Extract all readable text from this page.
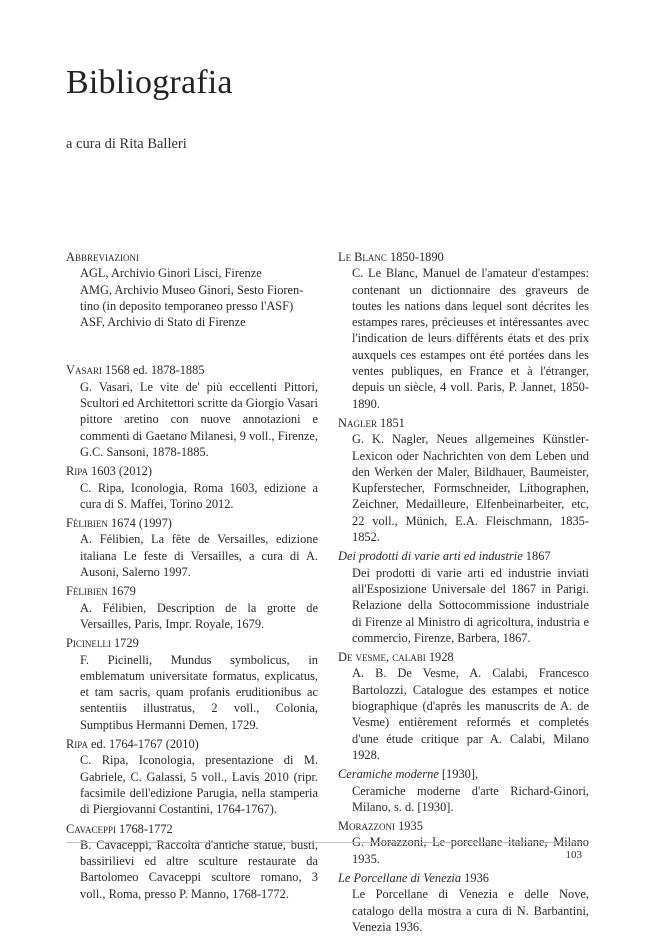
Bibliografia
a cura di Rita Balleri
Abbreviazioni
AGL, Archivio Ginori Lisci, Firenze
AMG, Archivio Museo Ginori, Sesto Fioren-
tino (in deposito temporaneo presso l'ASF)
ASF, Archivio di Stato di Firenze
Vasari 1568 ed. 1878-1885
G. Vasari, Le vite de' più eccellenti Pittori, Scultori ed Architettori scritte da Giorgio Vasari pittore aretino con nuove annotazioni e commenti di Gaetano Milanesi, 9 voll., Firenze, G.C. Sansoni, 1878-1885.
Ripa 1603 (2012)
C. Ripa, Iconologia, Roma 1603, edizione a cura di S. Maffei, Torino 2012.
Félibien 1674 (1997)
A. Félibien, La fête de Versailles, edizione italiana Le feste di Versailles, a cura di A. Ausoni, Salerno 1997.
Félibien 1679
A. Félibien, Description de la grotte de Versailles, Paris, Impr. Royale, 1679.
Picinelli 1729
F. Picinelli, Mundus symbolicus, in emblematum universitate formatus, explicatus, et tam sacris, quam profanis eruditionibus ac sententiis illustratus, 2 voll., Colonia, Sumptibus Hermanni Demen, 1729.
Ripa ed. 1764-1767 (2010)
C. Ripa, Iconologia, presentazione di M. Gabriele, C. Galassi, 5 voll., Lavis 2010 (ripr. facsimile dell'edizione Parugia, nella stamperia di Piergiovanni Costantini, 1764-1767).
Cavaceppi 1768-1772
B. Cavaceppi, Raccolta d'antiche statue, busti, bassirilievi ed altre sculture restaurate da Bartolomeo Cavaceppi scultore romano, 3 voll., Roma, presso P. Manno, 1768-1772.
Le Blanc 1850-1890
C. Le Blanc, Manuel de l'amateur d'estampes: contenant un dictionnaire des graveurs de toutes les nations dans lequel sont décrites les estampes rares, précieuses et intéressantes avec l'indication de leurs différents états et des prix auxquels ces estampes ont été portées dans les ventes publiques, en France et à l'étranger, depuis un siècle, 4 voll. Paris, P. Jannet, 1850-1890.
Nagler 1851
G. K. Nagler, Neues allgemeines Künstler-Lexicon oder Nachrichten von dem Leben und den Werken der Maler, Bildhauer, Baumeister, Kupferstecher, Formschneider, Lithographen, Zeichner, Medailleure, Elfenbeinarbeiter, etc, 22 voll., Münich, E.A. Fleischmann, 1835-1852.
Dei prodotti di varie arti ed industrie 1867
Dei prodotti di varie arti ed industrie inviati all'Esposizione Universale del 1867 in Parigi. Relazione della Sottocommissione industriale di Firenze al Ministro di agricoltura, industria e commercio, Firenze, Barbera, 1867.
De vesme, calabi 1928
A. B. De Vesme, A. Calabi, Francesco Bartolozzi, Catalogue des estampes et notice biographique (d'après les manuscrits de A. de Vesme) entièrement reformés et completés d'une étude critique par A. Calabi, Milano 1928.
Ceramiche moderne [1930],
Ceramiche moderne d'arte Richard-Ginori, Milano, s. d. [1930].
Morazzoni 1935
G. Morazzoni, Le porcellane italiane, Milano 1935.
Le Porcellane di Venezia 1936
Le Porcellane di Venezia e delle Nove, catalogo della mostra a cura di N. Barbantini, Venezia 1936.
103
